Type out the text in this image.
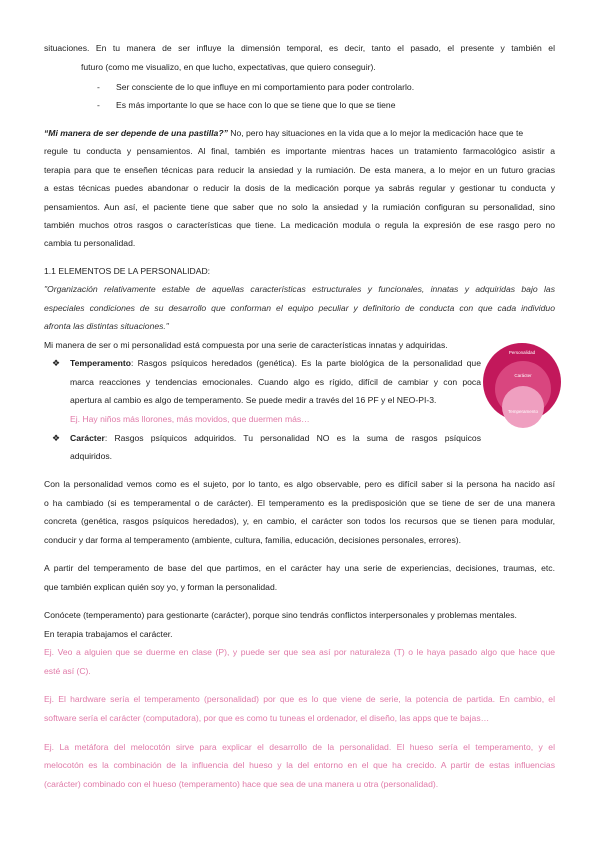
situaciones. En tu manera de ser influye la dimensión temporal, es decir, tanto el pasado, el presente y también el
futuro (como me visualizo, en que lucho, expectativas, que quiero conseguir).
- Ser consciente de lo que influye en mi comportamiento para poder controlarlo.
- Es más importante lo que se hace con lo que se tiene que lo que se tiene
“Mi manera de ser depende de una pastilla?” No, pero hay situaciones en la vida que a lo mejor la medicación hace que te
regule tu conducta y pensamientos. Al final, también es importante mientras haces un tratamiento farmacológico asistir a
terapia para que te enseñen técnicas para reducir la ansiedad y la rumiación. De esta manera, a lo mejor en un futuro gracias
a estas técnicas puedes abandonar o reducir la dosis de la medicación porque ya sabrás regular y gestionar tu conducta y
pensamientos. Aun así, el paciente tiene que saber que no solo la ansiedad y la rumiación configuran su personalidad, sino
también muchos otros rasgos o características que tiene. La medicación modula o regula la expresión de ese rasgo pero no
cambia tu personalidad.
1.1 ELEMENTOS DE LA PERSONALIDAD:
"Organización relativamente estable de aquellas características estructurales y funcionales, innatas y adquiridas bajo las
especiales condiciones de su desarrollo que conforman el equipo peculiar y definitorio de conducta con que cada individuo
afronta las distintas situaciones."
Mi manera de ser o mi personalidad está compuesta por una serie de características innatas y adquiridas.
❖ Temperamento: Rasgos psíquicos heredados (genética). Es la parte biológica de la personalidad que
marca reacciones y tendencias emocionales. Cuando algo es rígido, difícil de cambiar y con poca
apertura al cambio es algo de temperamento. Se puede medir a través del 16 PF y el NEO-PI-3.
Ej. Hay niños más llorones, más movidos, que duermen más…
❖ Carácter: Rasgos psíquicos adquiridos. Tu personalidad NO es la suma de rasgos psíquicos
adquiridos.
Personalidad
Carácter
Temperamento
Con la personalidad vemos como es el sujeto, por lo tanto, es algo observable, pero es difícil saber si la persona ha nacido así
o ha cambiado (si es temperamental o de carácter). El temperamento es la predisposición que se tiene de ser de una manera
concreta (genética, rasgos psíquicos heredados), y, en cambio, el carácter son todos los recursos que se tienen para modular,
conducir y dar forma al temperamento (ambiente, cultura, familia, educación, decisiones personales, errores).
A partir del temperamento de base del que partimos, en el carácter hay una serie de experiencias, decisiones, traumas, etc.
que también explican quién soy yo, y forman la personalidad.
Conócete (temperamento) para gestionarte (carácter), porque sino tendrás conflictos interpersonales y problemas mentales.
En terapia trabajamos el carácter.
Ej. Veo a alguien que se duerme en clase (P), y puede ser que sea así por naturaleza (T) o le haya pasado algo que hace que
esté así (C).
Ej. El hardware sería el temperamento (personalidad) por que es lo que viene de serie, la potencia de partida. En cambio, el
software sería el carácter (computadora), por que es como tu tuneas el ordenador, el diseño, las apps que te bajas…
Ej. La metáfora del melocotón sirve para explicar el desarrollo de la personalidad. El hueso sería el temperamento, y el
melocotón es la combinación de la influencia del hueso y la del entorno en el que ha crecido. A partir de estas influencias
(carácter) combinado con el hueso (temperamento) hace que sea de una manera u otra (personalidad).
